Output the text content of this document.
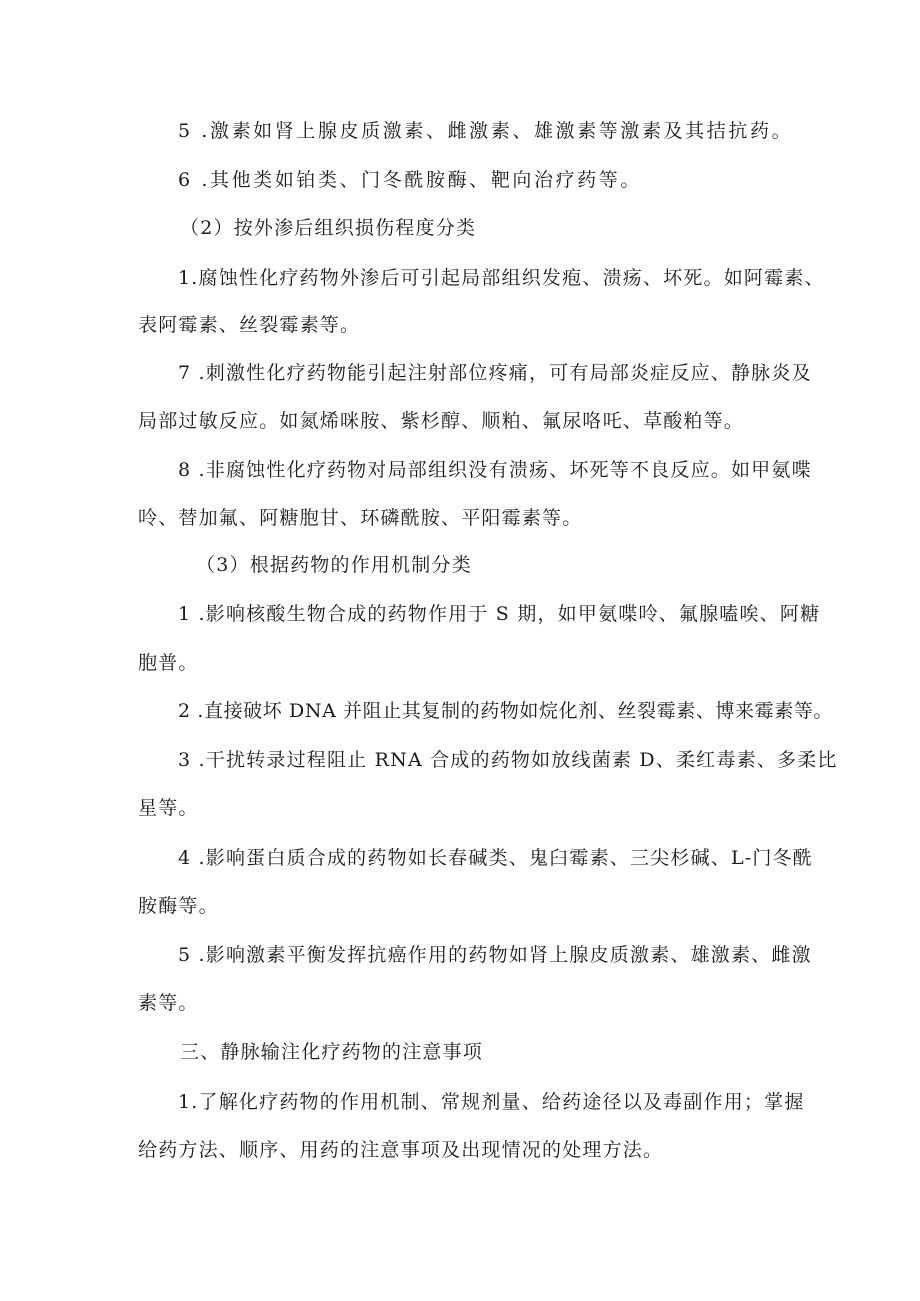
5 .激素如肾上腺皮质激素、雌激素、雄激素等激素及其拮抗药。
6 .其他类如铂类、门冬酰胺酶、靶向治疗药等。
（2）按外渗后组织损伤程度分类
1.腐蚀性化疗药物外渗后可引起局部组织发疱、溃疡、坏死。如阿霉素、
表阿霉素、丝裂霉素等。
7 .刺激性化疗药物能引起注射部位疼痛，可有局部炎症反应、静脉炎及
局部过敏反应。如氮烯咪胺、紫杉醇、顺粕、氟尿咯吒、草酸粕等。
8 .非腐蚀性化疗药物对局部组织没有溃疡、坏死等不良反应。如甲氨喋
呤、替加氟、阿糖胞甘、环磷酰胺、平阳霉素等。
（3）根据药物的作用机制分类
1 .影响核酸生物合成的药物作用于 S 期，如甲氨喋呤、氟腺嗑唉、阿糖
胞普。
2 .直接破坏 DNA 并阻止其复制的药物如烷化剂、丝裂霉素、博来霉素等。
3 .干扰转录过程阻止 RNA 合成的药物如放线菌素 D、柔红毒素、多柔比
星等。
4 .影响蛋白质合成的药物如长春碱类、鬼臼霉素、三尖杉碱、L-门冬酰
胺酶等。
5 .影响激素平衡发挥抗癌作用的药物如肾上腺皮质激素、雄激素、雌激
素等。
三、静脉输注化疗药物的注意事项
1.了解化疗药物的作用机制、常规剂量、给药途径以及毒副作用；掌握
给药方法、顺序、用药的注意事项及出现情况的处理方法。
